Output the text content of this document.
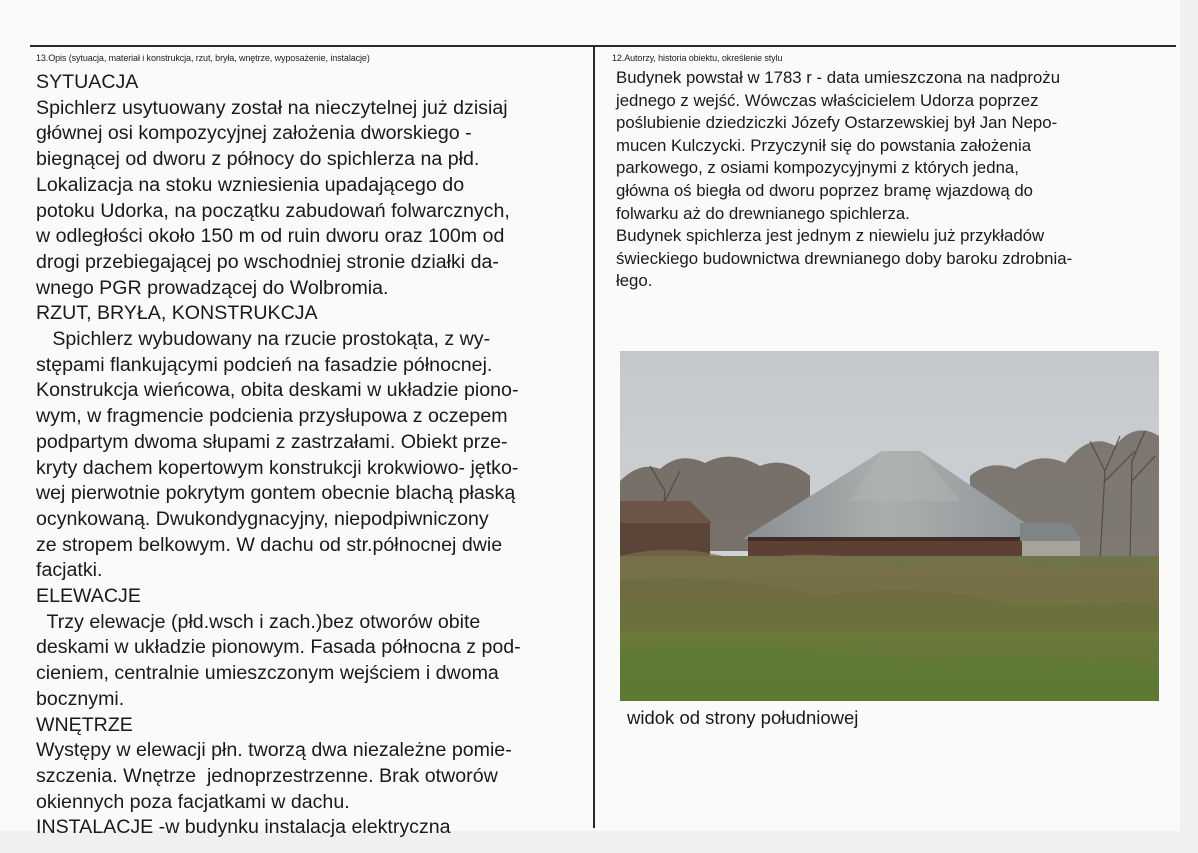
13.Opis (sytuacja, materiał i konstrukcja, rzut, bryła, wnętrze, wyposażenie, instalacje)
SYTUACJA
Spichlerz usytuowany został na nieczytelnej już dzisiaj
głównej osi kompozycyjnej założenia dworskiego -
biegnącej od dworu z północy do spichlerza na płd.
Lokalizacja na stoku wzniesienia upadającego do
potoku Udorka, na początku zabudowań folwarcznych,
w odległości około 150 m od ruin dworu oraz 100m od
drogi przebiegającej po wschodniej stronie działki da-
wnego PGR prowadzącej do Wolbromia.
RZUT, BRYŁA, KONSTRUKCJA
Spichlerz wybudowany na rzucie prostokąta, z wy-
stępami flankującymi podcień na fasadzie północnej.
Konstrukcja wieńcowa, obita deskami w układzie piono-
wym, w fragmencie podcienia przysłupowa z oczepem
podpartym dwoma słupami z zastrzałami. Obiekt prze-
kryty dachem kopertowym konstrukcji krokwiowo- jętko-
wej pierwotnie pokrytym gontem obecnie blachą płaską
ocynkowaną. Dwukondygnacyjny, niepodpiwniczony
ze stropem belkowym. W dachu od str.północnej dwie
facjatki.
ELEWACJE
Trzy elewacje (płd.wsch i zach.)bez otworów obite
deskami w układzie pionowym. Fasada północna z pod-
cieniem, centralnie umieszczonym wejściem i dwoma
bocznymi.
WNĘTRZE
Występy w elewacji płn. tworzą dwa niezależne pomie-
szczenia. Wnętrze  jednoprzestrzenne. Brak otworów
okiennych poza facjatkami w dachu.
INSTALACJE -w budynku instalacja elektryczna
12.Autorzy, historia obiektu, określenie stylu
Budynek powstał w 1783 r - data umieszczona na nadprożu
jednego z wejść. Wówczas właścicielem Udorza poprzez
poślubienie dziedziczki Józefy Ostarzewskiej był Jan Nepo-
mucen Kulczycki. Przyczynił się do powstania założenia
parkowego, z osiami kompozycyjnymi z których jedna,
główna oś biegła od dworu poprzez bramę wjazdową do
folwarku aż do drewnianego spichlerza.
Budynek spichlerza jest jednym z niewielu już przykładów
świeckiego budownictwa drewnianego doby baroku zdrobnia-
łego.
widok od strony południowej
